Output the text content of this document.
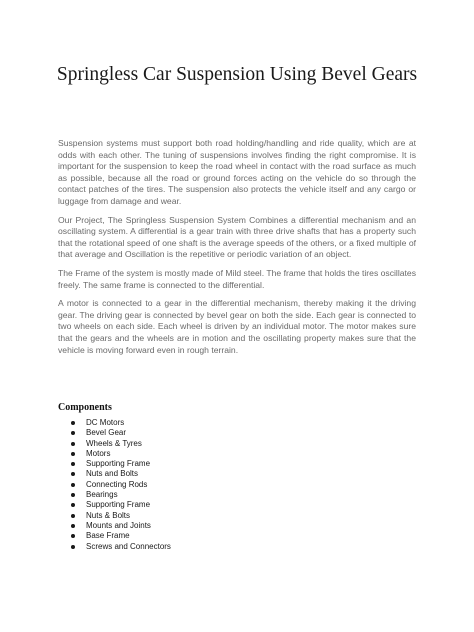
Springless Car Suspension Using Bevel Gears

Suspension systems must support both road holding/handling and ride quality, which are at odds with each other. The tuning of suspensions involves finding the right compromise. It is important for the suspension to keep the road wheel in contact with the road surface as much as possible, because all the road or ground forces acting on the vehicle do so through the contact patches of the tires. The suspension also protects the vehicle itself and any cargo or luggage from damage and wear.

Our Project, The Springless Suspension System Combines a differential mechanism and an oscillating system. A differential is a gear train with three drive shafts that has a property such that the rotational speed of one shaft is the average speeds of the others, or a fixed multiple of that average and Oscillation is the repetitive or periodic variation of an object.

The Frame of the system is mostly made of Mild steel. The frame that holds the tires oscillates freely. The same frame is connected to the differential.

A motor is connected to a gear in the differential mechanism, thereby making it the driving gear. The driving gear is connected by bevel gear on both the side. Each gear is connected to two wheels on each side. Each wheel is driven by an individual motor. The motor makes sure that the gears and the wheels are in motion and the oscillating property makes sure that the vehicle is moving forward even in rough terrain.

Components
DC Motors
Bevel Gear
Wheels & Tyres
Motors
Supporting Frame
Nuts and Bolts
Connecting Rods
Bearings
Supporting Frame
Nuts & Bolts
Mounts and Joints
Base Frame
Screws and Connectors
